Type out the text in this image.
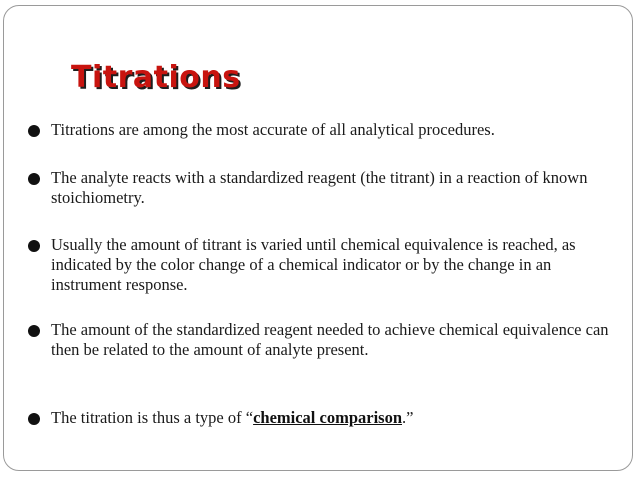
Titrations
Titrations are among the most accurate of all analytical procedures.
The analyte reacts with a standardized reagent (the titrant) in a reaction of known stoichiometry.
Usually the amount of titrant is varied until chemical equivalence is reached, as indicated by the color change of a chemical indicator or by the change in an instrument response.
The amount of the standardized reagent needed to achieve chemical equivalence can then be related to the amount of analyte present.
The titration is thus a type of “chemical comparison.”
